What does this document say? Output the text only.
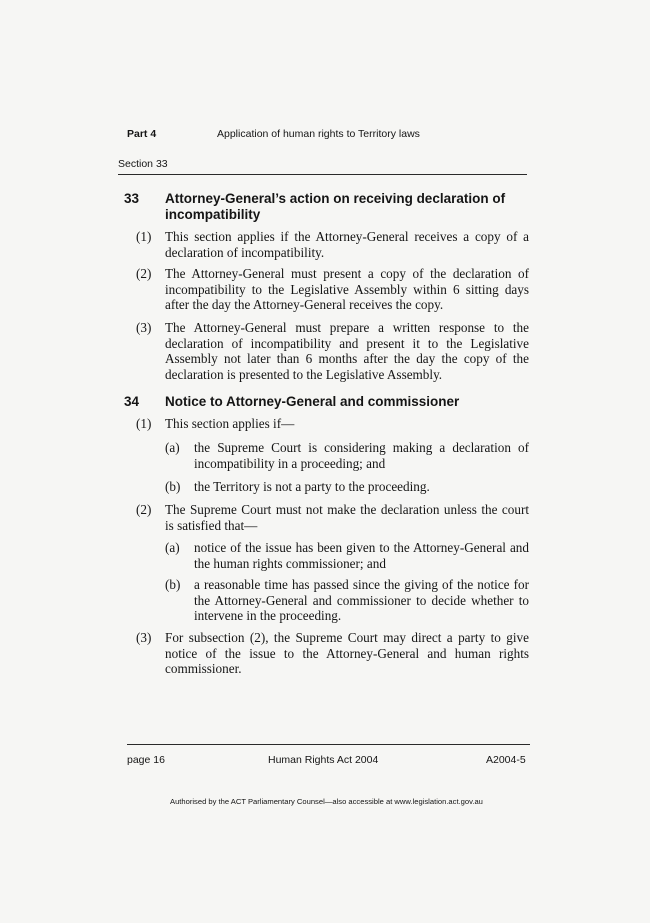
Part 4	Application of human rights to Territory laws
Section 33
33 Attorney-General’s action on receiving declaration of incompatibility
(1) This section applies if the Attorney-General receives a copy of a declaration of incompatibility.
(2) The Attorney-General must present a copy of the declaration of incompatibility to the Legislative Assembly within 6 sitting days after the day the Attorney-General receives the copy.
(3) The Attorney-General must prepare a written response to the declaration of incompatibility and present it to the Legislative Assembly not later than 6 months after the day the copy of the declaration is presented to the Legislative Assembly.
34 Notice to Attorney-General and commissioner
(1) This section applies if—
(a) the Supreme Court is considering making a declaration of incompatibility in a proceeding; and
(b) the Territory is not a party to the proceeding.
(2) The Supreme Court must not make the declaration unless the court is satisfied that—
(a) notice of the issue has been given to the Attorney-General and the human rights commissioner; and
(b) a reasonable time has passed since the giving of the notice for the Attorney-General and commissioner to decide whether to intervene in the proceeding.
(3) For subsection (2), the Supreme Court may direct a party to give notice of the issue to the Attorney-General and human rights commissioner.
page 16	Human Rights Act 2004	A2004-5
Authorised by the ACT Parliamentary Counsel—also accessible at www.legislation.act.gov.au
